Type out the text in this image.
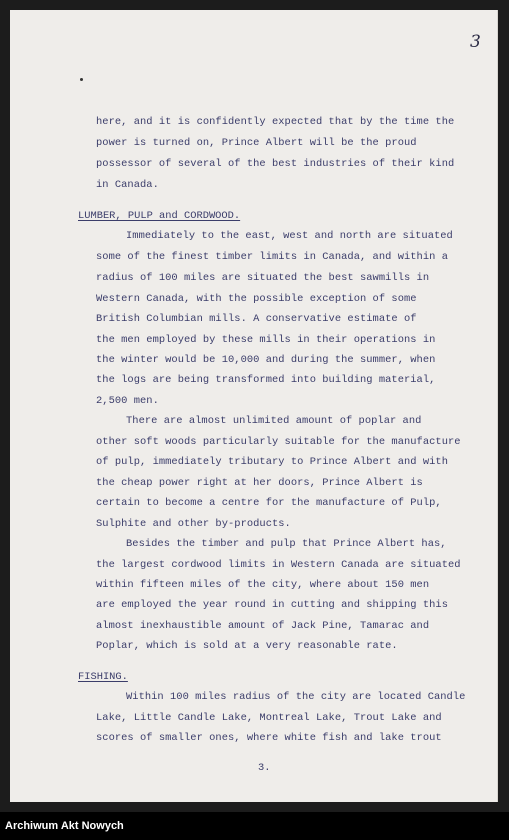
3
here, and it is confidently expected that by the time the
power is turned on, Prince Albert will be the proud
possessor of several of the best industries of their kind
in Canada.
LUMBER, PULP and CORDWOOD.
Immediately to the east, west and north are situated
some of the finest timber limits in Canada, and within a
radius of 100 miles are situated the best sawmills in
Western Canada, with the possible exception of some
British Columbian mills. A conservative estimate of
the men employed by these mills in their operations in
the winter would be 10,000 and during the summer, when
the logs are being transformed into building material,
2,500 men.
There are almost unlimited amount of poplar and
other soft woods particularly suitable for the manufacture
of pulp, immediately tributary to Prince Albert and with
the cheap power right at her doors, Prince Albert is
certain to become a centre for the manufacture of Pulp,
Sulphite and other by-products.
Besides the timber and pulp that Prince Albert has,
the largest cordwood limits in Western Canada are situated
within fifteen miles of the city, where about 150 men
are employed the year round in cutting and shipping this
almost inexhaustible amount of Jack Pine, Tamarac and
Poplar, which is sold at a very reasonable rate.
FISHING.
Within 100 miles radius of the city are located Candle
Lake, Little Candle Lake, Montreal Lake, Trout Lake and
scores of smaller ones, where white fish and lake trout
3.
Archiwum Akt Nowych
